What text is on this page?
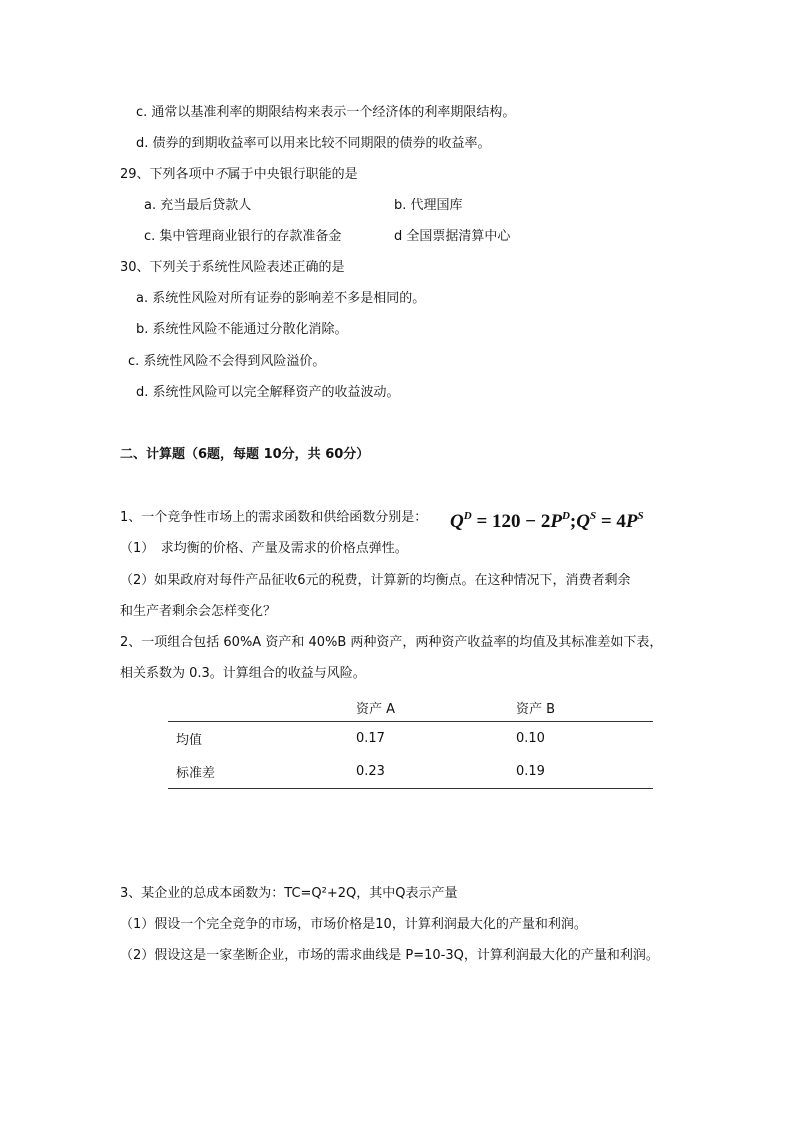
c. 通常以基准利率的期限结构来表示一个经济体的利率期限结构。
d. 债券的到期收益率可以用来比较不同期限的债券的收益率。
29、下列各项中不属于中央银行职能的是
a. 充当最后贷款人	b. 代理国库
c. 集中管理商业银行的存款准备金	d 全国票据清算中心
30、下列关于系统性风险表述正确的是
a. 系统性风险对所有证券的影响差不多是相同的。
b. 系统性风险不能通过分散化消除。
c. 系统性风险不会得到风险溢价。
d. 系统性风险可以完全解释资产的收益波动。
二、计算题（6题，每题 10分，共 60分）
1、一个竞争性市场上的需求函数和供给函数分别是： $Q^D = 120$ − $2P^D;Q^S = 4P^S$
（1）　求均衡的价格、产量及需求的价格点弹性。
（2）如果政府对每件产品征收6元的税费，计算新的均衡点。在这种情况下，消费者剩余
和生产者剩余会怎样变化？
2、一项组合包括 60%A 资产和 40%B 两种资产，两种资产收益率的均值及其标准差如下表，
相关系数为 0.3。计算组合的收益与风险。
	资产 A	资产 B
均值	0.17	0.10
标准差	0.23	0.19
3、某企业的总成本函数为：TC=Q²+2Q，其中Q表示产量
（1）假设一个完全竞争的市场，市场价格是10，计算利润最大化的产量和利润。
（2）假设这是一家垄断企业，市场的需求曲线是 P=10-3Q，计算利润最大化的产量和利润。
